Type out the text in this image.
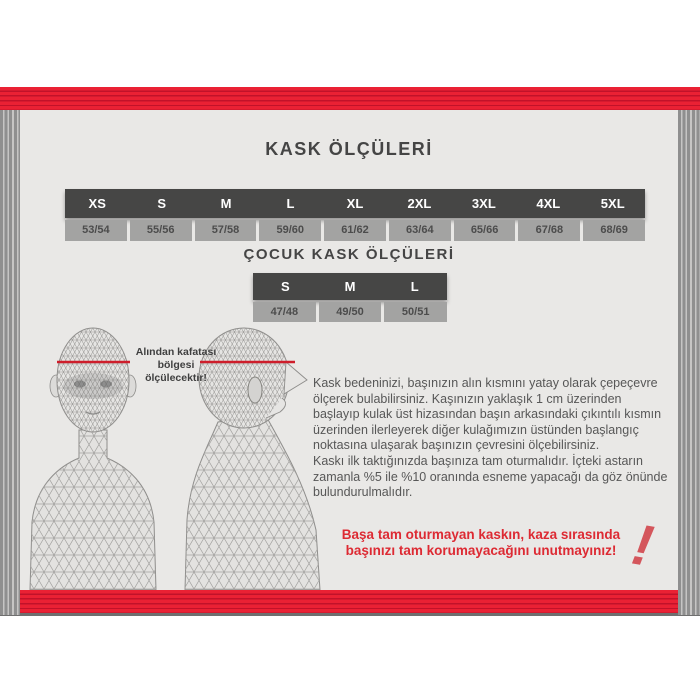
KASK ÖLÇÜLERİ
XS	S	M	L	XL	2XL	3XL	4XL	5XL
53/54	55/56	57/58	59/60	61/62	63/64	65/66	67/68	68/69
ÇOCUK KASK ÖLÇÜLERİ
S	M	L
47/48	49/50	50/51
Alından kafatası
bölgesi
ölçülecektir!	Kask bedeninizi, başınızın alın kısmını yatay olarak çepeçevre ölçerek bulabilirsiniz. Kaşınızın yaklaşık 1 cm üzerinden başlayıp kulak üst hizasından başın arkasındaki çıkıntılı kısmın üzerinden ilerleyerek diğer kulağımızın üstünden başlangıç noktasına ulaşarak başınızın çevresini ölçebilirsiniz.

Kaskı ilk taktığınızda başınıza tam oturmalıdır. İçteki astarın zamanla %5 ile %10 oranında esneme yapacağı da göz önünde bulundurulmalıdır.

Başa tam oturmayan kaskın, kaza sırasında başınızı tam korumayacağını unutmayınız! !
